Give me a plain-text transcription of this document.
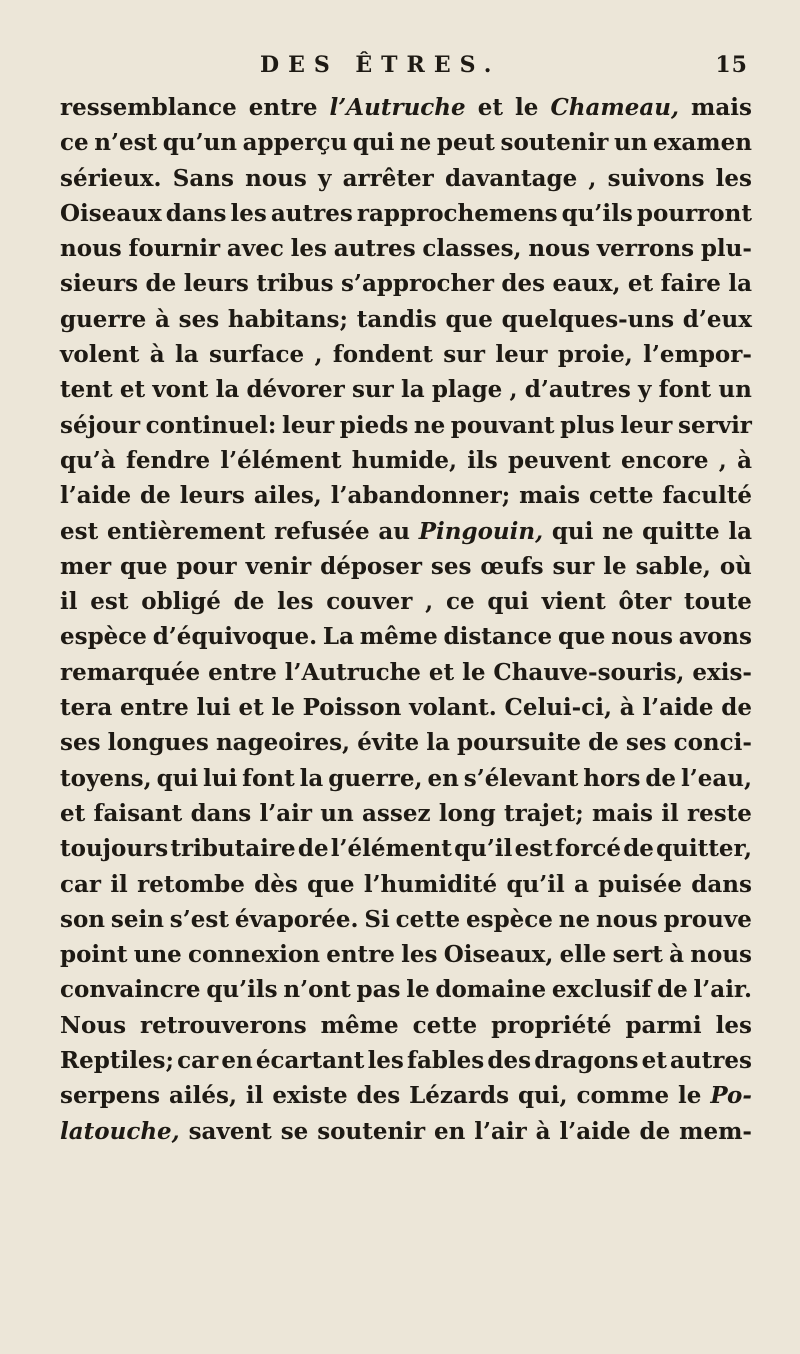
DES ÊTRES.	15
ressemblance entre l’Autruche et le Chameau, mais
ce n’est qu’un apperçu qui ne peut soutenir un examen
sérieux. Sans nous y arrêter davantage , suivons les
Oiseaux dans les autres rapprochemens qu’ils pourront
nous fournir avec les autres classes, nous verrons plu-
sieurs de leurs tribus s’approcher des eaux, et faire la
guerre à ses habitans; tandis que quelques-uns d’eux
volent à la surface , fondent sur leur proie, l’empor-
tent et vont la dévorer sur la plage , d’autres y font un
séjour continuel: leur pieds ne pouvant plus leur servir
qu’à fendre l’élément humide, ils peuvent encore , à
l’aide de leurs ailes, l’abandonner; mais cette faculté
est entièrement refusée au Pingouin, qui ne quitte la
mer que pour venir déposer ses œufs sur le sable, où
il est obligé de les couver , ce qui vient ôter toute
espèce d’équivoque. La même distance que nous avons
remarquée entre l’Autruche et le Chauve-souris, exis-
tera entre lui et le Poisson volant. Celui-ci, à l’aide de
ses longues nageoires, évite la poursuite de ses conci-
toyens, qui lui font la guerre, en s’élevant hors de l’eau,
et faisant dans l’air un assez long trajet; mais il reste
toujours tributaire de l’élément qu’il est forcé de quitter,
car il retombe dès que l’humidité qu’il a puisée dans
son sein s’est évaporée. Si cette espèce ne nous prouve
point une connexion entre les Oiseaux, elle sert à nous
convaincre qu’ils n’ont pas le domaine exclusif de l’air.
Nous retrouverons même cette propriété parmi les
Reptiles; car en écartant les fables des dragons et autres
serpens ailés, il existe des Lézards qui, comme le Po-
latouche, savent se soutenir en l’air à l’aide de mem-
